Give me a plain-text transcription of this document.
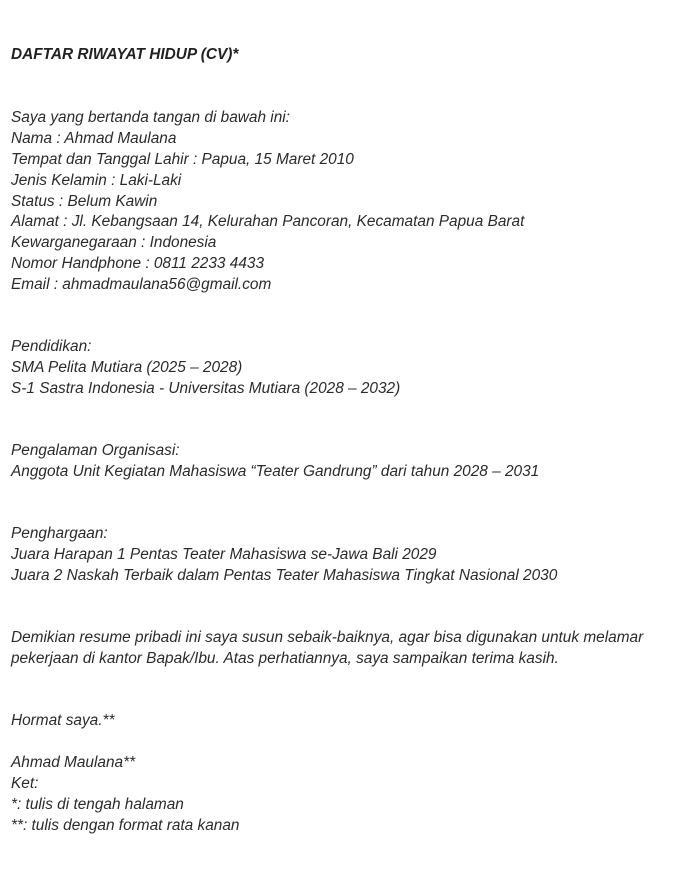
DAFTAR RIWAYAT HIDUP (CV)*
Saya yang bertanda tangan di bawah ini:
Nama : Ahmad Maulana
Tempat dan Tanggal Lahir : Papua, 15 Maret 2010
Jenis Kelamin : Laki-Laki
Status : Belum Kawin
Alamat : Jl. Kebangsaan 14, Kelurahan Pancoran, Kecamatan Papua Barat
Kewarganegaraan : Indonesia
Nomor Handphone : 0811 2233 4433
Email : ahmadmaulana56@gmail.com
Pendidikan:
SMA Pelita Mutiara (2025 – 2028)
S-1 Sastra Indonesia - Universitas Mutiara (2028 – 2032)
Pengalaman Organisasi:
Anggota Unit Kegiatan Mahasiswa “Teater Gandrung” dari tahun 2028 – 2031
Penghargaan:
Juara Harapan 1 Pentas Teater Mahasiswa se-Jawa Bali 2029
Juara 2 Naskah Terbaik dalam Pentas Teater Mahasiswa Tingkat Nasional 2030
Demikian resume pribadi ini saya susun sebaik-baiknya, agar bisa digunakan untuk melamar
pekerjaan di kantor Bapak/Ibu. Atas perhatiannya, saya sampaikan terima kasih.
Hormat saya.**
Ahmad Maulana**
Ket:
*: tulis di tengah halaman
**: tulis dengan format rata kanan
